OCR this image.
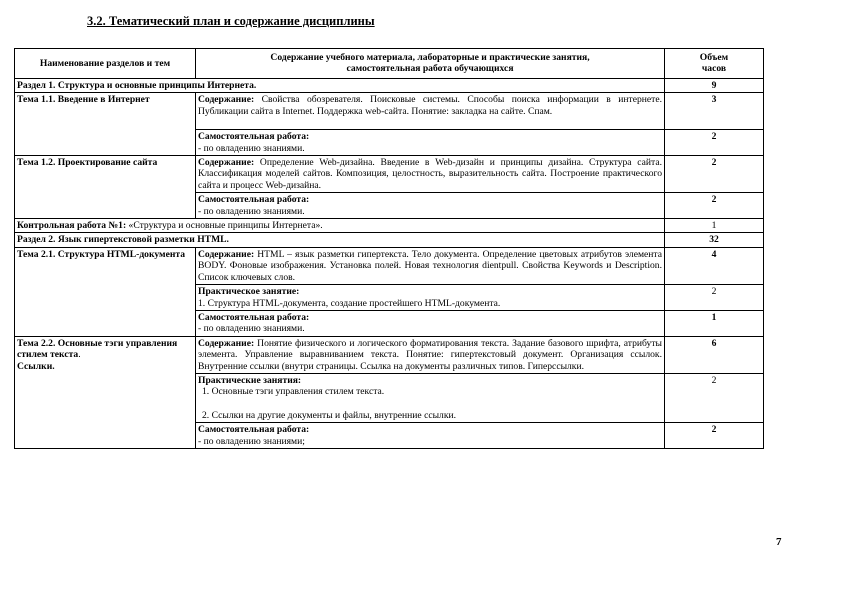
3.2. Тематический план и содержание дисциплины
Наименование разделов и тем	Содержание учебного материала, лабораторные и практические занятия,
самостоятельная работа обучающихся	Объем
часов
Раздел 1. Структура и основные принципы Интернета.		9
Тема 1.1. Введение в Интернет	Содержание: Свойства обозревателя. Поисковые системы. Способы поиска информации в интернете. Публикации сайта в Internet. Поддержка web-сайта. Понятие: закладка на сайте. Спам.	3
	Самостоятельная работа:
- по овладению знаниями.	2
Тема 1.2. Проектирование сайта	Содержание: Определение Web-дизайна. Введение в Web-дизайн и принципы дизайна. Структура сайта. Классификация моделей сайтов. Композиция, целостность, выразительность сайта. Построение практического сайта и процесс Web-дизайна.	2
	Самостоятельная работа:
- по овладению знаниями.	2
Контрольная работа №1: «Структура и основные принципы Интернета».		1
Раздел 2. Язык гипертекстовой разметки HTML.		32
Тема 2.1. Структура HTML-документа	Содержание: HTML – язык разметки гипертекста. Тело документа. Определение цветовых атрибутов элемента BODY. Фоновые изображения. Установка полей. Новая технология dientpull. Свойства Keywords и Description. Список ключевых слов.	4
	Практическое занятие:
1. Структура HTML-документа, создание простейшего HTML-документа.	2
	Самостоятельная работа:
- по овладению знаниями.	1
Тема 2.2. Основные тэги управления стилем текста.
Ссылки.	Содержание: Понятие физического и логического форматирования текста. Задание базового шрифта, атрибуты элемента. Управление выравниванием текста. Понятие: гипертекстовый документ. Организация ссылок. Внутренние ссылки (внутри страницы. Ссылка на документы различных типов. Гиперссылки.	6
	Практические занятия:
1. Основные тэги управления стилем текста.
2. Ссылки на другие документы и файлы, внутренние ссылки.	2
	Самостоятельная работа:
- по овладению знаниями;	2
7
